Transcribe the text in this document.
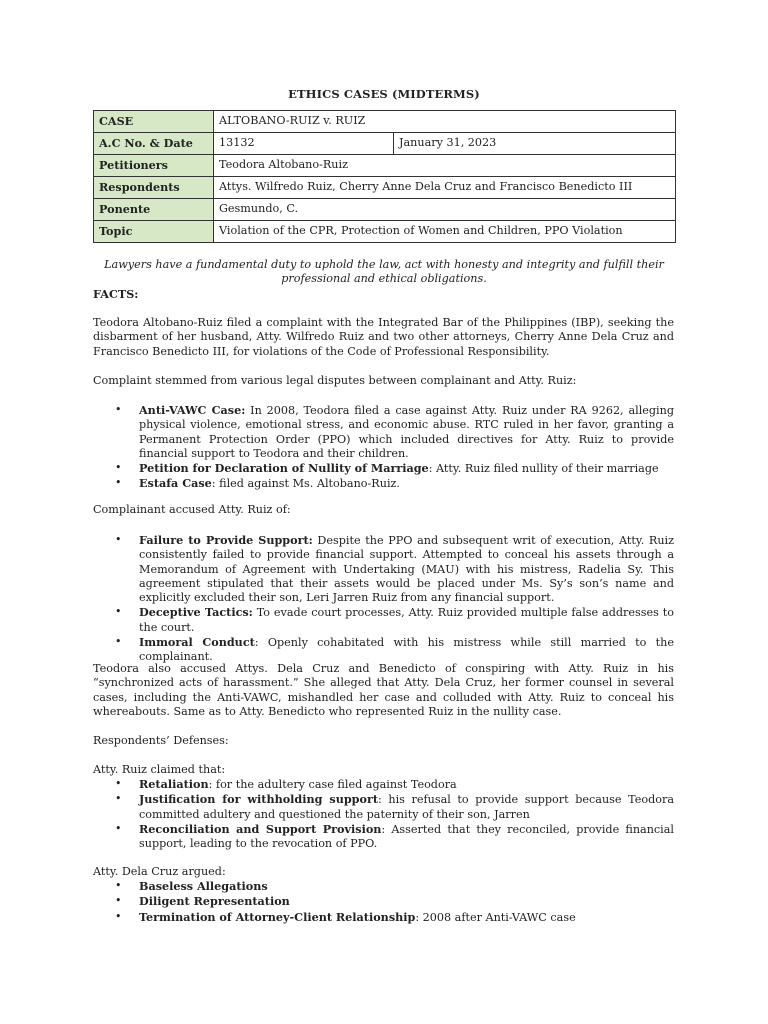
ETHICS CASES (MIDTERMS)
CASE	ALTOBANO-RUIZ v. RUIZ	
A.C No. & Date	13132	January 31, 2023
Petitioners	Teodora Altobano-Ruiz	
Respondents	Attys. Wilfredo Ruiz, Cherry Anne Dela Cruz and Francisco Benedicto III	
Ponente	Gesmundo, C.	
Topic	Violation of the CPR, Protection of Women and Children, PPO Violation	
Lawyers have a fundamental duty to uphold the law, act with honesty and integrity and fulfill their
professional and ethical obligations.
FACTS:
Teodora Altobano-Ruiz filed a complaint with the Integrated Bar of the Philippines (IBP), seeking the disbarment of her husband, Atty. Wilfredo Ruiz and two other attorneys, Cherry Anne Dela Cruz and Francisco Benedicto III, for violations of the Code of Professional Responsibility.
Complaint stemmed from various legal disputes between complainant and Atty. Ruiz:
• Anti-VAWC Case: In 2008, Teodora filed a case against Atty. Ruiz under RA 9262, alleging physical violence, emotional stress, and economic abuse. RTC ruled in her favor, granting a Permanent Protection Order (PPO) which included directives for Atty. Ruiz to provide financial support to Teodora and their children.
• Petition for Declaration of Nullity of Marriage: Atty. Ruiz filed nullity of their marriage
• Estafa Case: filed against Ms. Altobano-Ruiz.
Complainant accused Atty. Ruiz of:
• Failure to Provide Support: Despite the PPO and subsequent writ of execution, Atty. Ruiz consistently failed to provide financial support. Attempted to conceal his assets through a Memorandum of Agreement with Undertaking (MAU) with his mistress, Radelia Sy. This agreement stipulated that their assets would be placed under Ms. Sy’s son’s name and explicitly excluded their son, Leri Jarren Ruiz from any financial support.
• Deceptive Tactics: To evade court processes, Atty. Ruiz provided multiple false addresses to the court.
• Immoral Conduct: Openly cohabitated with his mistress while still married to the complainant.
Teodora also accused Attys. Dela Cruz and Benedicto of conspiring with Atty. Ruiz in his “synchronized acts of harassment.” She alleged that Atty. Dela Cruz, her former counsel in several cases, including the Anti-VAWC, mishandled her case and colluded with Atty. Ruiz to conceal his whereabouts. Same as to Atty. Benedicto who represented Ruiz in the nullity case.
Respondents’ Defenses:
Atty. Ruiz claimed that:
• Retaliation: for the adultery case filed against Teodora
• Justification for withholding support: his refusal to provide support because Teodora committed adultery and questioned the paternity of their son, Jarren
• Reconciliation and Support Provision: Asserted that they reconciled, provide financial support, leading to the revocation of PPO.
Atty. Dela Cruz argued:
• Baseless Allegations
• Diligent Representation
• Termination of Attorney-Client Relationship: 2008 after Anti-VAWC case
